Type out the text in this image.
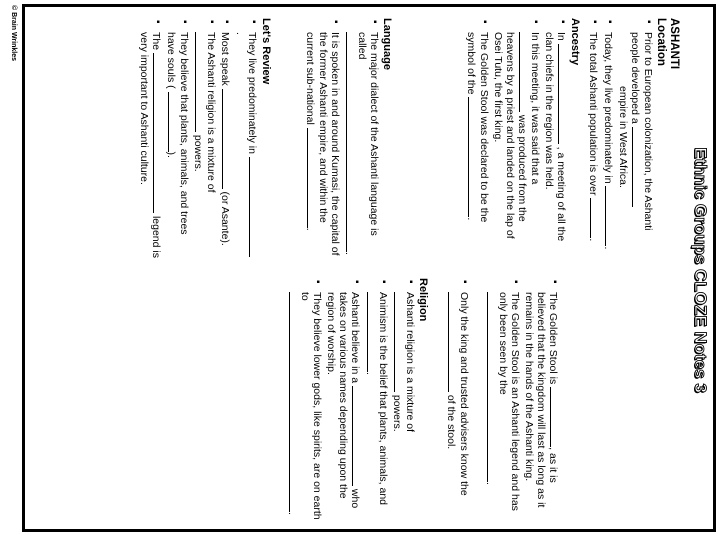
© Brain Wrinkles
Ethnic Groups CLOZE Notes 3
ASHANTI
Location
▪ Prior to European colonization, the Ashanti people developed a
empire in West Africa.
▪ Today, they live predominately in .
▪ The total Ashanti population is over .
Ancestry
▪ In  , a meeting of all the clan chiefs in the region was held.
▪ In this meeting, it was said that a  was produced from the heavens by a priest and landed on the lap of Osei Tutu, the first king.
▪ The Golden Stool was declared to be the symbol of the .
Language
▪ The major dialect of the Ashanti language is called
.
▪ It is spoken in and around Kumasi, the capital of the former Ashanti empire, and within the current sub-national .
Let's Review
▪ They live predominately in .
▪ Most speak  (or Asante).
▪ The Ashanti religion is a mixture of  powers.
▪ They believe that plants, animals, and trees have souls ( ).
▪ The  legend is very important to Ashanti culture.
▪ The Golden Stool is , as it is believed that the kingdom will last as long as it remains in the hands of the Ashanti king.
▪ The Golden Stool is an Ashanti legend and has only been seen by the .
▪ Only the king and trusted advisers know the  of the stool.
Religion
▪ Ashanti religion is a mixture of  powers.
▪ Animism is the belief that plants, animals, and .
▪ Ashanti believe in a  who takes on various names depending upon the region of worship.
▪ They believe lower gods, like spirits, are on earth to
.
